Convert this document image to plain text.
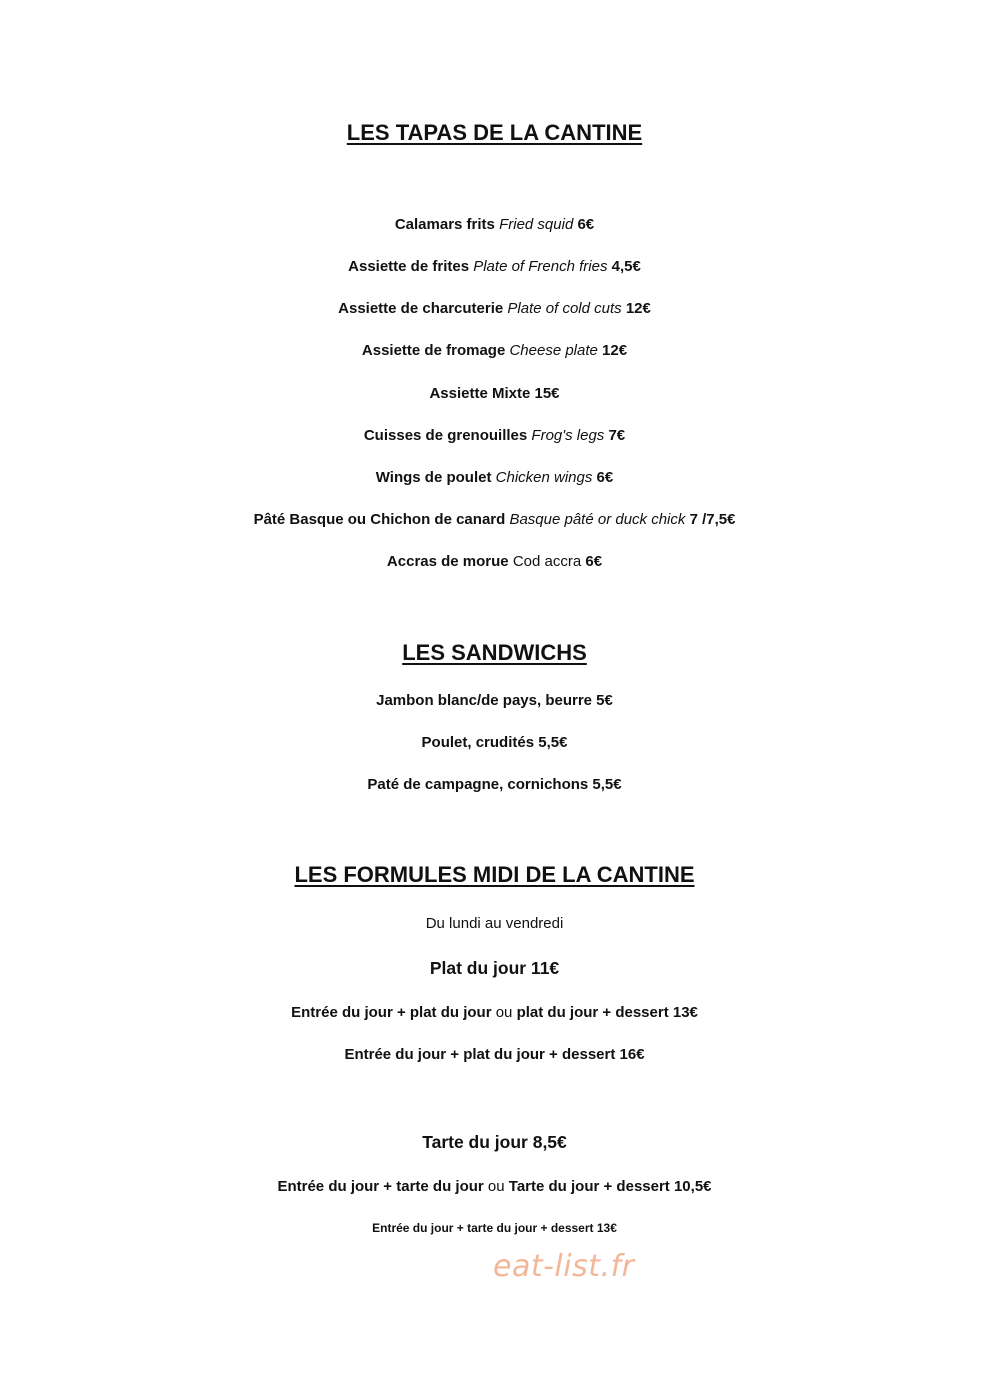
LES TAPAS DE LA CANTINE
Calamars frits Fried squid 6€
Assiette de frites Plate of French fries 4,5€
Assiette de charcuterie Plate of cold cuts 12€
Assiette de fromage Cheese plate 12€
Assiette Mixte 15€
Cuisses de grenouilles Frog's legs 7€
Wings de poulet Chicken wings 6€
Pâté Basque ou Chichon de canard Basque pâté or duck chick 7 /7,5€
Accras de morue Cod accra 6€
LES SANDWICHS
Jambon blanc/de pays, beurre 5€
Poulet, crudités 5,5€
Paté de campagne, cornichons 5,5€
LES FORMULES MIDI DE LA CANTINE
Du lundi au vendredi
Plat du jour 11€
Entrée du jour + plat du jour ou plat du jour + dessert 13€
Entrée du jour + plat du jour + dessert 16€
Tarte du jour 8,5€
Entrée du jour + tarte du jour ou Tarte du jour + dessert 10,5€
Entrée du jour + tarte du jour + dessert 13€
eat-list.fr
